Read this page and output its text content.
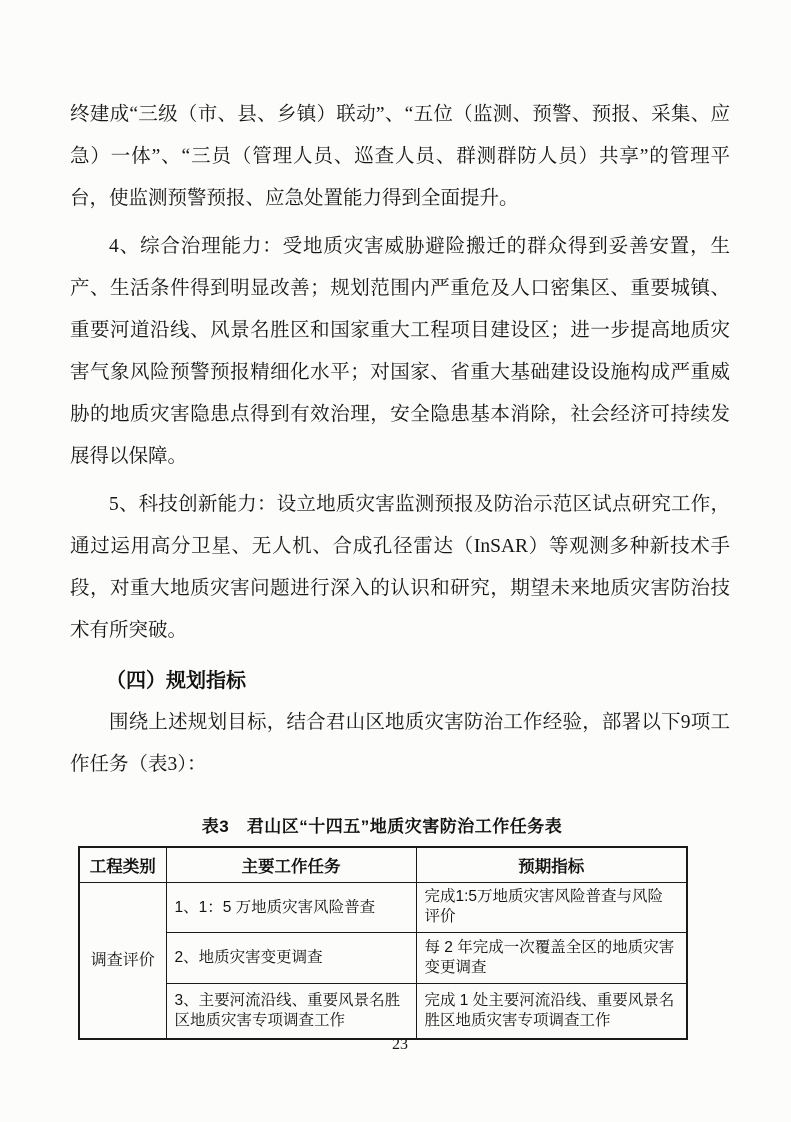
终建成“三级（市、县、乡镇）联动”、“五位（监测、预警、预报、采集、应急）一体”、“三员（管理人员、巡查人员、群测群防人员）共享”的管理平台，使监测预警预报、应急处置能力得到全面提升。

4、综合治理能力：受地质灾害威胁避险搬迁的群众得到妥善安置，生产、生活条件得到明显改善；规划范围内严重危及人口密集区、重要城镇、重要河道沿线、风景名胜区和国家重大工程项目建设区；进一步提高地质灾害气象风险预警预报精细化水平；对国家、省重大基础建设设施构成严重威胁的地质灾害隐患点得到有效治理，安全隐患基本消除，社会经济可持续发展得以保障。

5、科技创新能力：设立地质灾害监测预报及防治示范区试点研究工作，通过运用高分卫星、无人机、合成孔径雷达（InSAR）等观测多种新技术手段，对重大地质灾害问题进行深入的认识和研究，期望未来地质灾害防治技术有所突破。

（四）规划指标

围绕上述规划目标，结合君山区地质灾害防治工作经验，部署以下9项工作任务（表3）：

表3　君山区“十四五”地质灾害防治工作任务表
工程类别	主要工作任务	预期指标
调查评价	1、1：5 万地质灾害风险普查	完成1:5万地质灾害风险普查与风险评价
	2、地质灾害变更调查	每 2 年完成一次覆盖全区的地质灾害变更调查
	3、主要河流沿线、重要风景名胜区地质灾害专项调查工作	完成 1 处主要河流沿线、重要风景名胜区地质灾害专项调查工作
23
